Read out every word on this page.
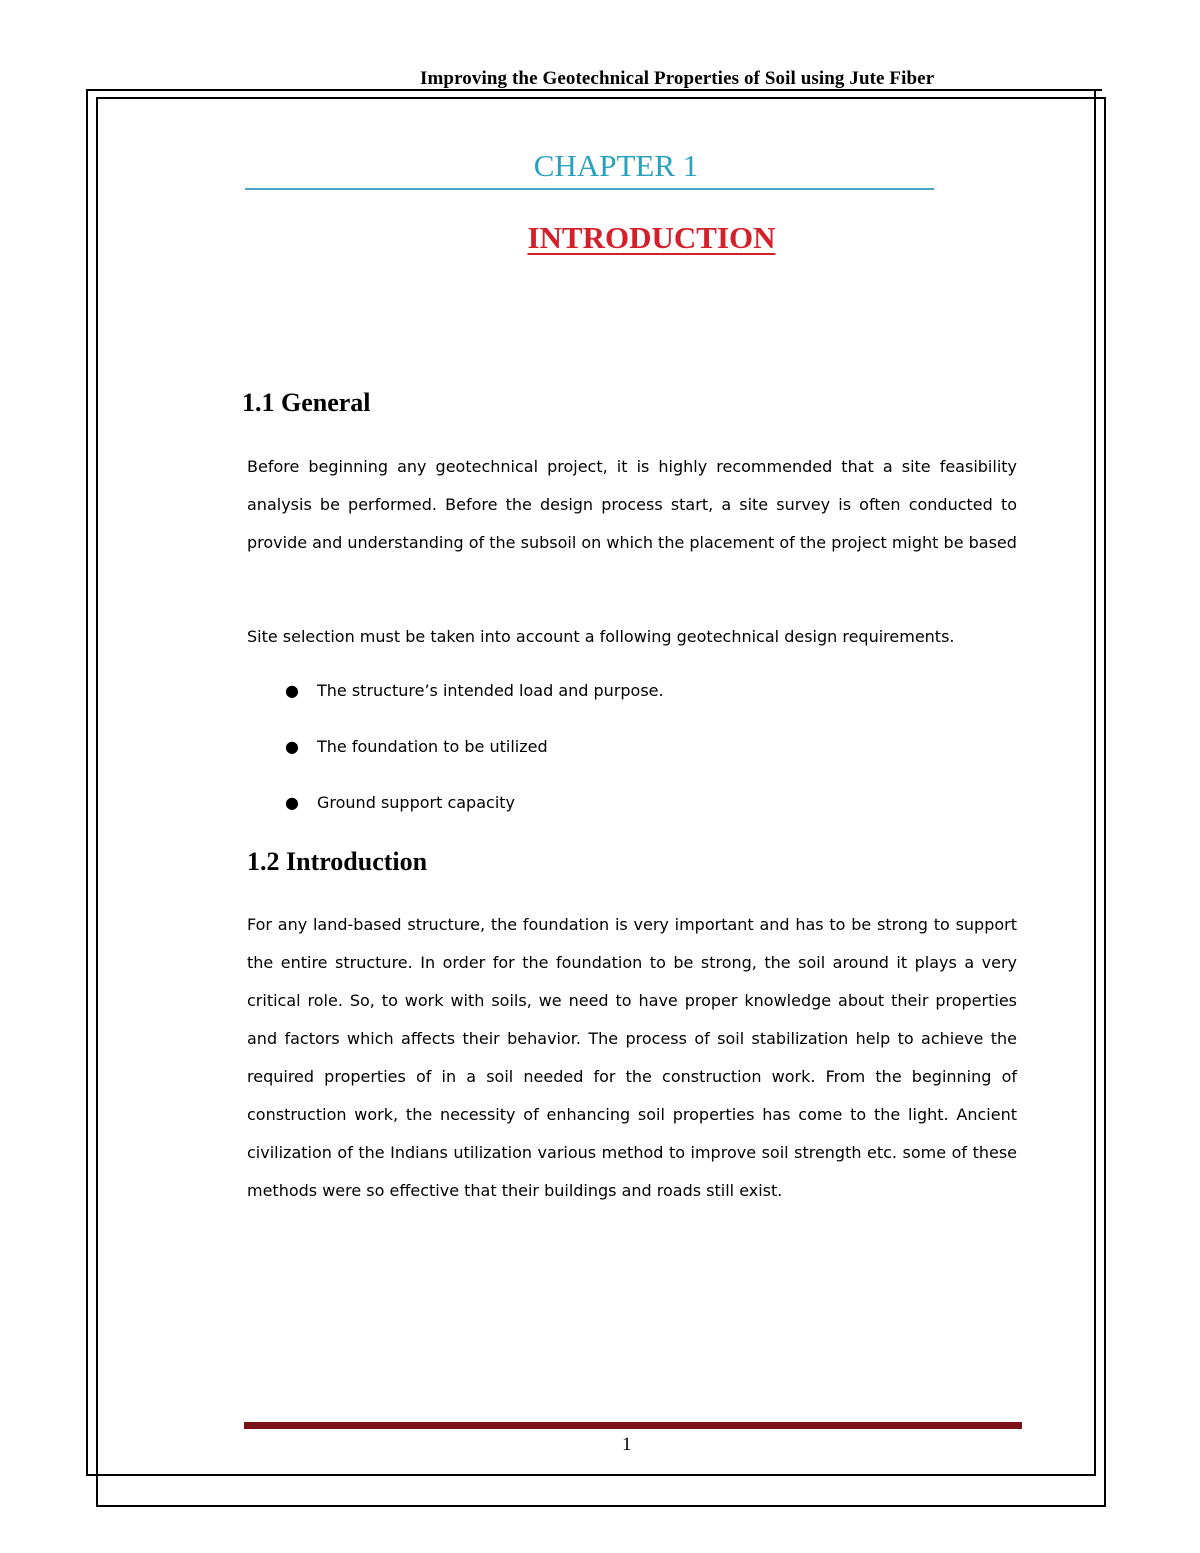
Improving the Geotechnical Properties of Soil using Jute Fiber
CHAPTER 1
INTRODUCTION
1.1 General

Before beginning any geotechnical project, it is highly recommended that a site feasibility analysis be performed. Before the design process start, a site survey is often conducted to provide and understanding of the subsoil on which the placement of the project might be based

Site selection must be taken into account a following geotechnical design requirements.

● The structure’s intended load and purpose.
● The foundation to be utilized
● Ground support capacity
1.2 Introduction

For any land-based structure, the foundation is very important and has to be strong to support the entire structure. In order for the foundation to be strong, the soil around it plays a very critical role. So, to work with soils, we need to have proper knowledge about their properties and factors which affects their behavior. The process of soil stabilization help to achieve the required properties of in a soil needed for the construction work. From the beginning of construction work, the necessity of enhancing soil properties has come to the light. Ancient civilization of the Indians utilization various method to improve soil strength etc. some of these methods were so effective that their buildings and roads still exist.

1
